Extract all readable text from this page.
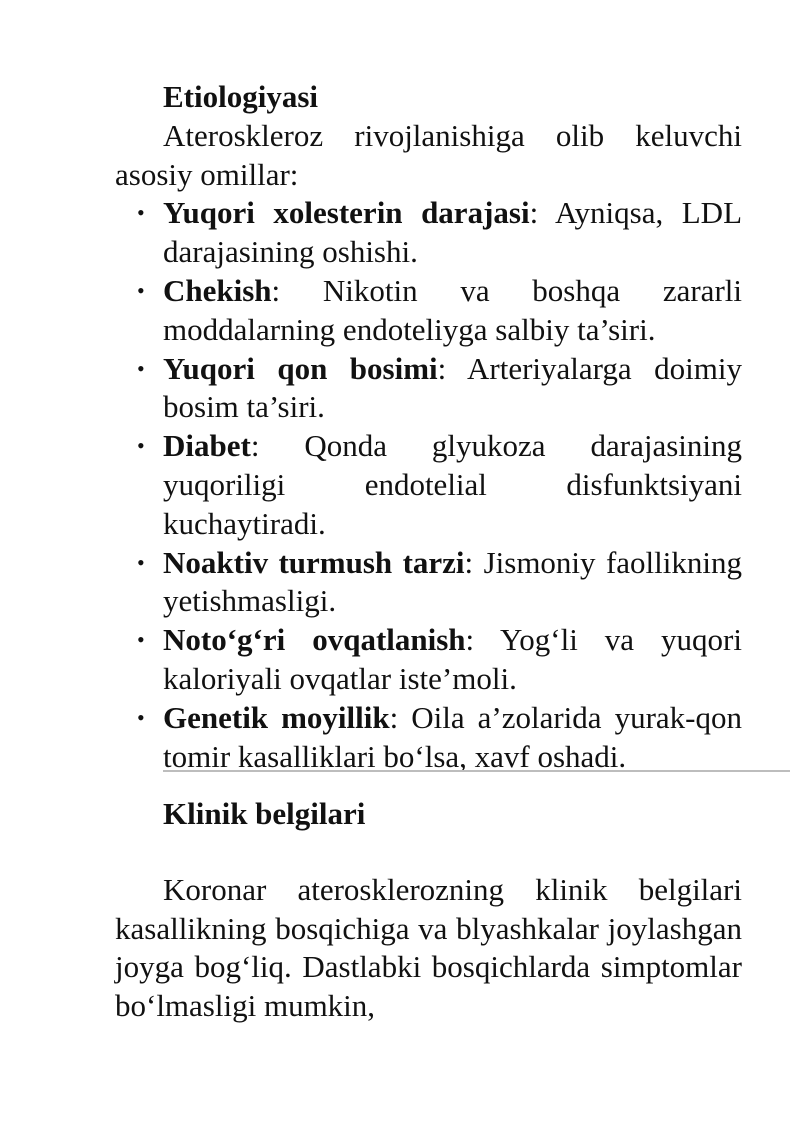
Etiologiyasi

Ateroskleroz rivojlanishiga olib keluvchi asosiy omillar:

• Yuqori xolesterin darajasi: Ayniqsa, LDL darajasining oshishi.
• Chekish: Nikotin va boshqa zararli moddalarning endoteliyga salbiy ta’siri.
• Yuqori qon bosimi: Arteriyalarga doimiy bosim ta’siri.
• Diabet: Qonda glyukoza darajasining yuqoriligi endotelial disfunktsiyani kuchaytiradi.
• Noaktiv turmush tarzi: Jismoniy faollikning yetishmasligi.
• Noto‘g‘ri ovqatlanish: Yog‘li va yuqori kaloriyali ovqatlar iste’moli.
• Genetik moyillik: Oila a’zolarida yurak-qon tomir kasalliklari bo‘lsa, xavf oshadi.

Klinik belgilari

Koronar aterosklerozning klinik belgilari kasallikning bosqichiga va blyashkalar joylashgan joyga bog‘liq. Dastlabki bosqichlarda simptomlar bo‘lmasligi mumkin,
